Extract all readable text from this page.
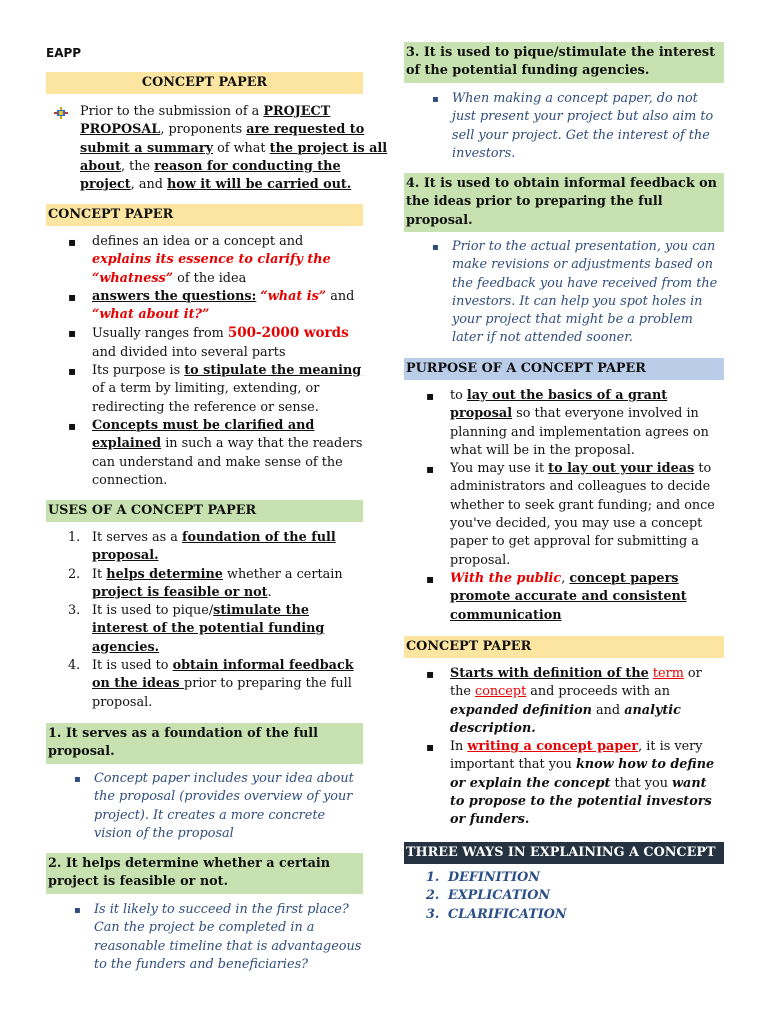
EAPP
CONCEPT PAPER
Prior to the submission of a PROJECT PROPOSAL, proponents are requested to submit a summary of what the project is all about, the reason for conducting the project, and how it will be carried out.
CONCEPT PAPER
▪ defines an idea or a concept and explains its essence to clarify the “whatness” of the idea
▪ answers the questions: “what is” and “what about it?”
▪ Usually ranges from 500-2000 words and divided into several parts
▪ Its purpose is to stipulate the meaning of a term by limiting, extending, or redirecting the reference or sense.
▪ Concepts must be clarified and explained in such a way that the readers can understand and make sense of the connection.
USES OF A CONCEPT PAPER
1. It serves as a foundation of the full proposal.
2. It helps determine whether a certain project is feasible or not.
3. It is used to pique/stimulate the interest of the potential funding agencies.
4. It is used to obtain informal feedback on the ideas prior to preparing the full proposal.
1. It serves as a foundation of the full proposal.
▪ Concept paper includes your idea about the proposal (provides overview of your project). It creates a more concrete vision of the proposal
2. It helps determine whether a certain project is feasible or not.
▪ Is it likely to succeed in the first place? Can the project be completed in a reasonable timeline that is advantageous to the funders and beneficiaries?
3. It is used to pique/stimulate the interest of the potential funding agencies.
▪ When making a concept paper, do not just present your project but also aim to sell your project. Get the interest of the investors.
4. It is used to obtain informal feedback on the ideas prior to preparing the full proposal.
▪ Prior to the actual presentation, you can make revisions or adjustments based on the feedback you have received from the investors. It can help you spot holes in your project that might be a problem later if not attended sooner.
PURPOSE OF A CONCEPT PAPER
▪ to lay out the basics of a grant proposal so that everyone involved in planning and implementation agrees on what will be in the proposal.
▪ You may use it to lay out your ideas to administrators and colleagues to decide whether to seek grant funding; and once you've decided, you may use a concept paper to get approval for submitting a proposal.
▪ With the public, concept papers promote accurate and consistent communication
CONCEPT PAPER
▪ Starts with definition of the term or the concept and proceeds with an expanded definition and analytic description.
▪ In writing a concept paper, it is very important that you know how to define or explain the concept that you want to propose to the potential investors or funders.
THREE WAYS IN EXPLAINING A CONCEPT
1. DEFINITION
2. EXPLICATION
3. CLARIFICATION
